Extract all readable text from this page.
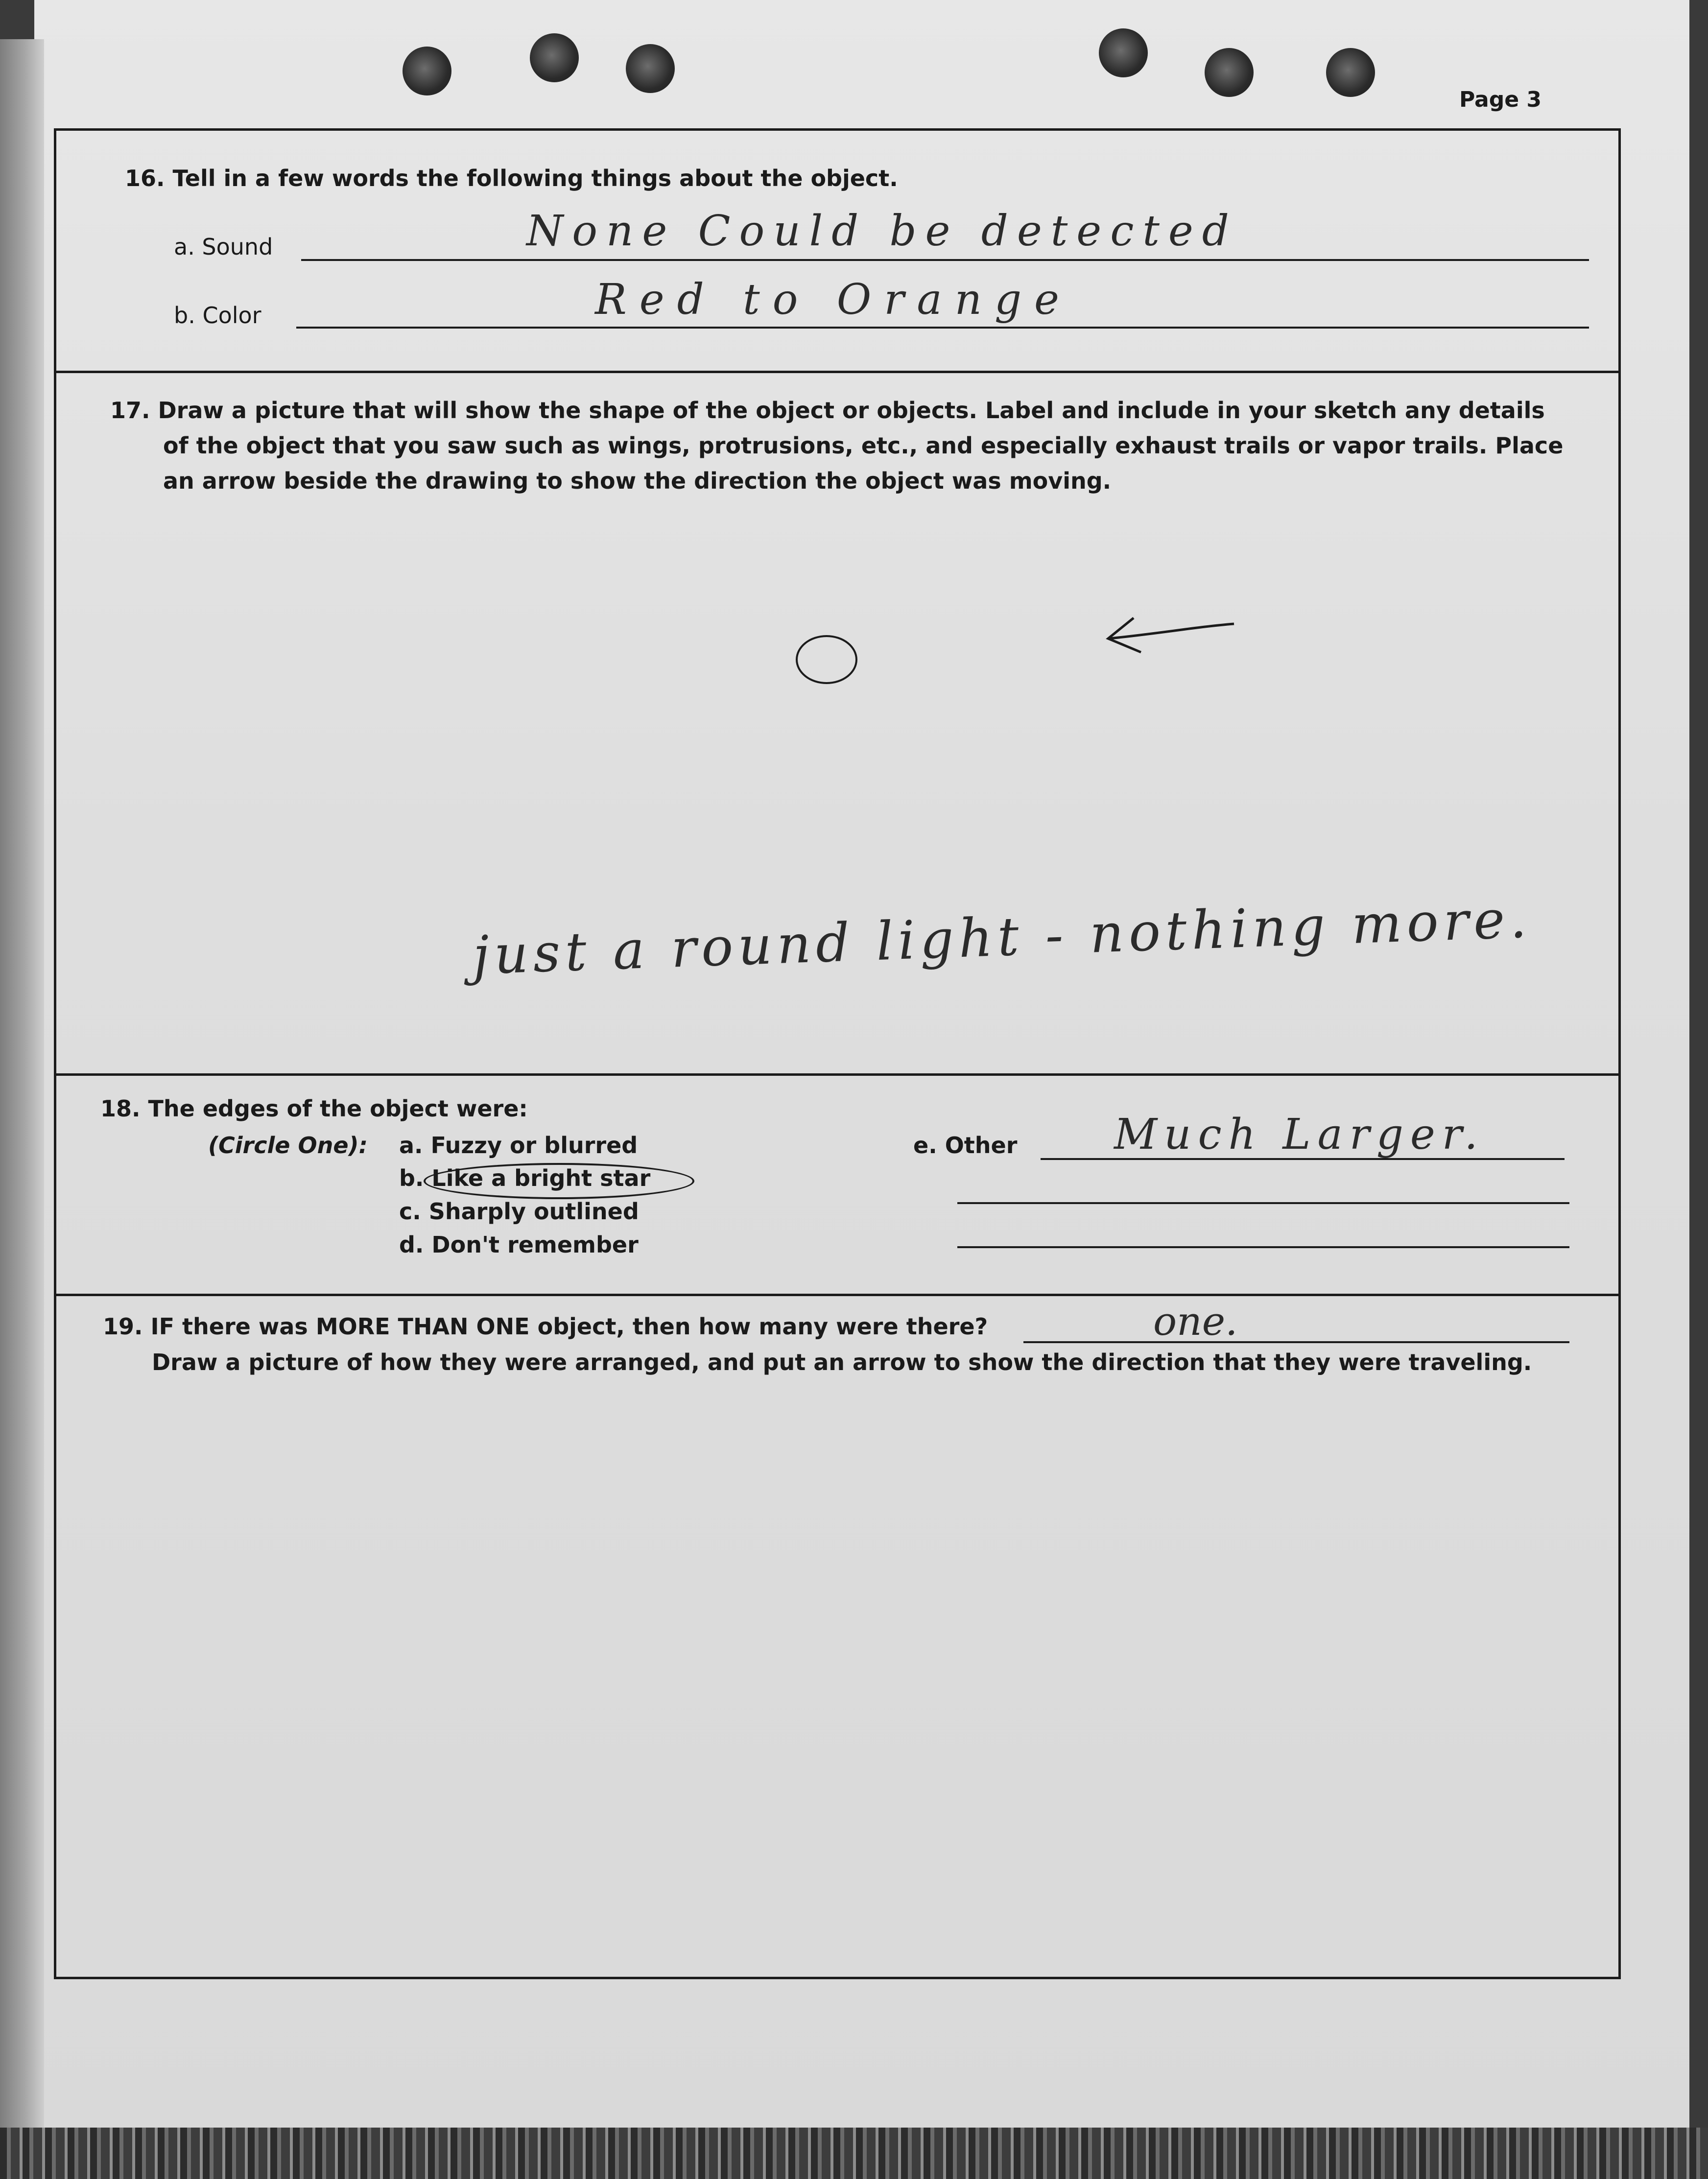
Page 3
16. Tell in a few words the following things about the object.
a. Sound	None Could be detected
b. Color	Red to Orange
17. Draw a picture that will show the shape of the object or objects. Label and include in your sketch any details
of the object that you saw such as wings, protrusions, etc., and especially exhaust trails or vapor trails. Place
an arrow beside the drawing to show the direction the object was moving.
just a round light - nothing more.
18. The edges of the object were:
(Circle One): a. Fuzzy or blurred
b. Like a bright star
c. Sharply outlined
d. Don't remember
e. Other Much Larger.
19. IF there was MORE THAN ONE object, then how many were there?	one.
Draw a picture of how they were arranged, and put an arrow to show the direction that they were traveling.
